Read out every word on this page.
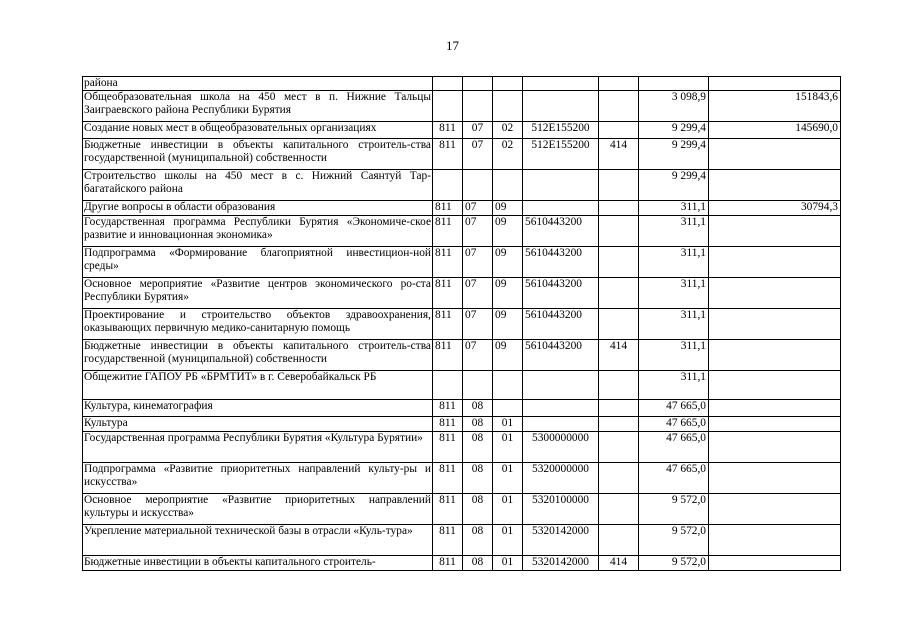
17
района							
Общеобразовательная школа на 450 мест в п. Нижние Тальцы Заиграевского района Республики Бурятия						3 098,9	151843,6
Создание новых мест в общеобразовательных организациях	811	07	02	512E155200		9 299,4	145690,0
Бюджетные инвестиции в объекты капитального строитель-ства государственной (муниципальной) собственности	811	07	02	512E155200	414	9 299,4	
Строительство школы на 450 мест в с. Нижний Саянтуй Тар-багатайского района						9 299,4	
Другие вопросы в области образования	811	07	09			311,1	30794,3
Государственная программа Республики Бурятия «Экономиче-ское развитие и инновационная экономика»	811	07	09	5610443200		311,1	
Подпрограмма «Формирование благоприятной инвестицион-ной среды»	811	07	09	5610443200		311,1	
Основное мероприятие «Развитие центров экономического ро-ста Республики Бурятия»	811	07	09	5610443200		311,1	
Проектирование и строительство объектов здравоохранения, оказывающих первичную медико-санитарную помощь	811	07	09	5610443200		311,1	
Бюджетные инвестиции в объекты капитального строитель-ства государственной (муниципальной) собственности	811	07	09	5610443200	414	311,1	
Общежитие ГАПОУ РБ «БРМТИТ» в г. Северобайкальск РБ						311,1	
Культура, кинематография	811	08				47 665,0	
Культура	811	08	01			47 665,0	
Государственная программа Республики Бурятия «Культура Бурятии»	811	08	01	5300000000		47 665,0	
Подпрограмма «Развитие приоритетных направлений культу-ры и искусства»	811	08	01	5320000000		47 665,0	
Основное мероприятие «Развитие приоритетных направлений культуры и искусства»	811	08	01	5320100000		9 572,0	
Укрепление материальной технической базы в отрасли «Куль-тура»	811	08	01	5320142000		9 572,0	
Бюджетные инвестиции в объекты капитального строитель-	811	08	01	5320142000	414	9 572,0	
